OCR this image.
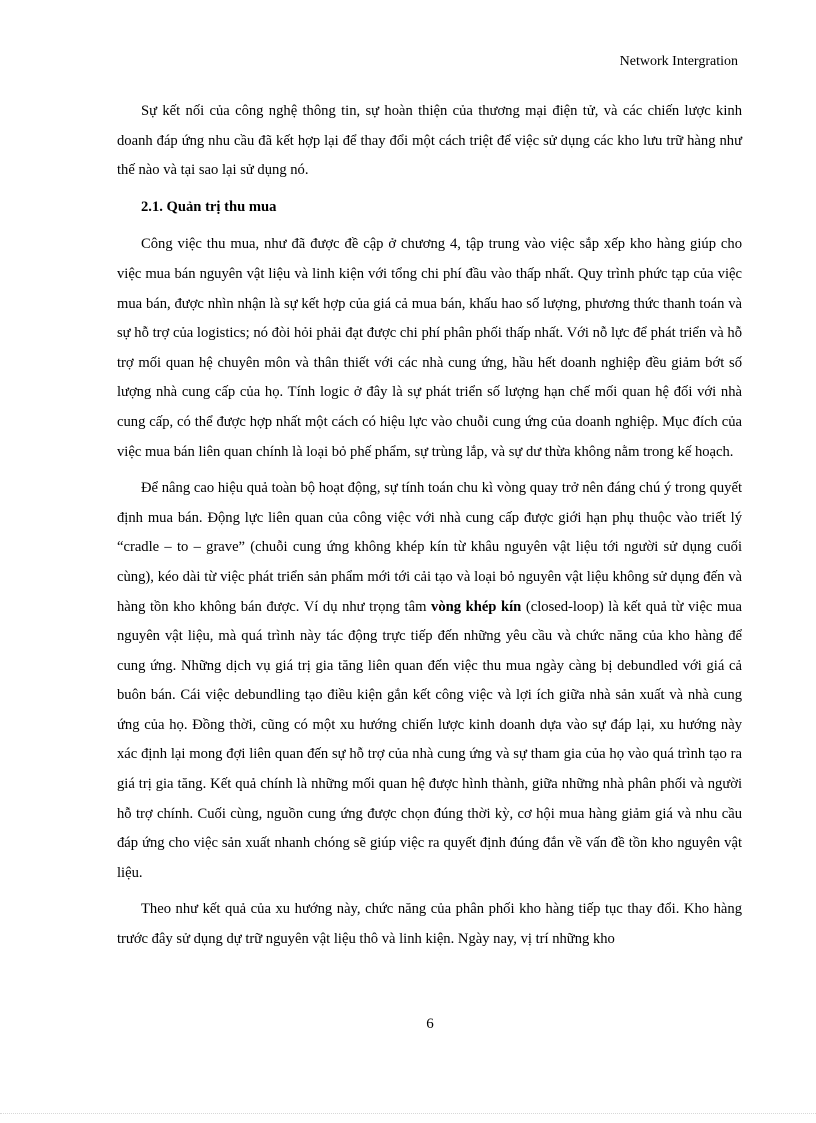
Network Intergration

Sự kết nối của công nghệ thông tin, sự hoàn thiện của thương mại điện tử, và các chiến lược kinh doanh đáp ứng nhu cầu đã kết hợp lại để thay đổi một cách triệt để việc sử dụng các kho lưu trữ hàng như thế nào và tại sao lại sử dụng nó.

2.1. Quản trị thu mua

Công việc thu mua, như đã được đề cập ở chương 4, tập trung vào việc sắp xếp kho hàng giúp cho việc mua bán nguyên vật liệu và linh kiện với tổng chi phí đầu vào thấp nhất. Quy trình phức tạp của việc mua bán, được nhìn nhận là sự kết hợp của giá cả mua bán, khấu hao số lượng, phương thức thanh toán và sự hỗ trợ của logistics; nó đòi hỏi phải đạt được chi phí phân phối thấp nhất. Với nỗ lực để phát triển và hỗ trợ mối quan hệ chuyên môn và thân thiết với các nhà cung ứng, hầu hết doanh nghiệp đều giảm bớt số lượng nhà cung cấp của họ. Tính logic ở đây là sự phát triển số lượng hạn chế mối quan hệ đối với nhà cung cấp, có thể được hợp nhất một cách có hiệu lực vào chuỗi cung ứng của doanh nghiệp. Mục đích của việc mua bán liên quan chính là loại bỏ phế phẩm, sự trùng lắp, và sự dư thừa không nằm trong kế hoạch.

Để nâng cao hiệu quả toàn bộ hoạt động, sự tính toán chu kì vòng quay trở nên đáng chú ý trong quyết định mua bán. Động lực liên quan của công việc với nhà cung cấp được giới hạn phụ thuộc vào triết lý “cradle – to – grave” (chuỗi cung ứng không khép kín từ khâu nguyên vật liệu tới người sử dụng cuối cùng), kéo dài từ việc phát triển sản phẩm mới tới cải tạo và loại bỏ nguyên vật liệu không sử dụng đến và hàng tồn kho không bán được. Ví dụ như trọng tâm vòng khép kín (closed-loop) là kết quả từ việc mua nguyên vật liệu, mà quá trình này tác động trực tiếp đến những yêu cầu và chức năng của kho hàng để cung ứng. Những dịch vụ giá trị gia tăng liên quan đến việc thu mua ngày càng bị debundled với giá cả buôn bán. Cái việc debundling tạo điều kiện gắn kết công việc và lợi ích giữa nhà sản xuất và nhà cung ứng của họ. Đồng thời, cũng có một xu hướng chiến lược kinh doanh dựa vào sự đáp lại, xu hướng này xác định lại mong đợi liên quan đến sự hỗ trợ của nhà cung ứng và sự tham gia của họ vào quá trình tạo ra giá trị gia tăng. Kết quả chính là những mối quan hệ được hình thành, giữa những nhà phân phối và người hỗ trợ chính. Cuối cùng, nguồn cung ứng được chọn đúng thời kỳ, cơ hội mua hàng giảm giá và nhu cầu đáp ứng cho việc sản xuất nhanh chóng sẽ giúp việc ra quyết định đúng đắn về vấn đề tồn kho nguyên vật liệu.

Theo như kết quả của xu hướng này, chức năng của phân phối kho hàng tiếp tục thay đổi. Kho hàng trước đây sử dụng dự trữ nguyên vật liệu thô và linh kiện. Ngày nay, vị trí những kho

6
